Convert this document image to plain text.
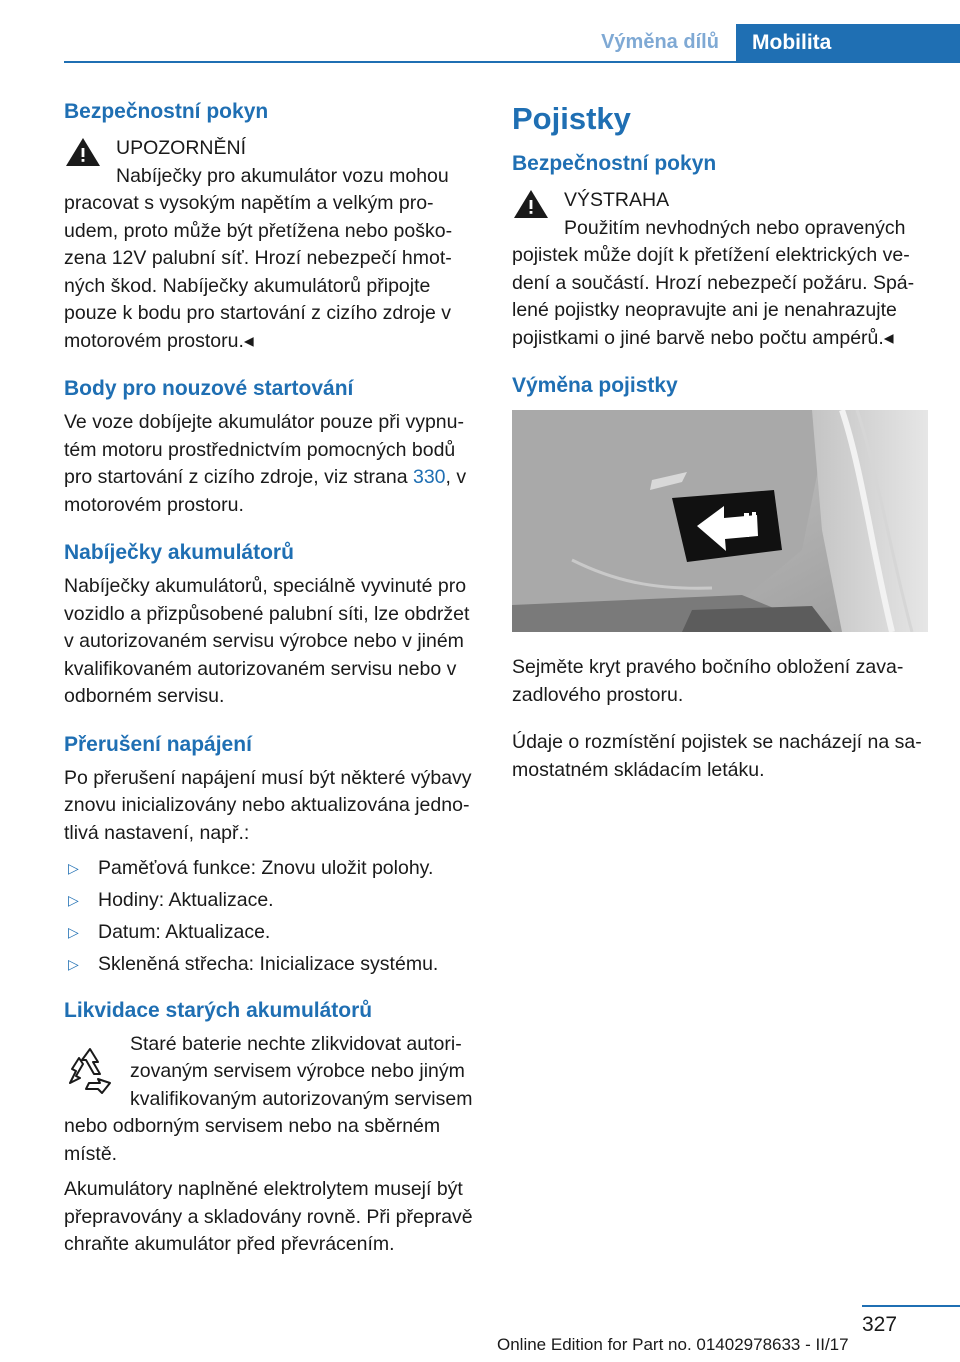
Výměna dílů	Mobilita
Bezpečnostní pokyn
UPOZORNĚNÍ
Nabíječky pro akumulátor vozu mohou pracovat s vysokým napětím a velkým proudem, proto může být přetížena nebo poškozena 12V palubní síť. Hrozí nebezpečí hmotných škod. Nabíječky akumulátorů připojte pouze k bodu pro startování z cizího zdroje v motorovém prostoru.◂
Body pro nouzové startování

Ve voze dobíjejte akumulátor pouze při vypnutém motoru prostřednictvím pomocných bodů pro startování z cizího zdroje, viz strana 330, v motorovém prostoru.

Nabíječky akumulátorů

Nabíječky akumulátorů, speciálně vyvinuté pro vozidlo a přizpůsobené palubní síti, lze obdržet v autorizovaném servisu výrobce nebo v jiném kvalifikovaném autorizovaném servisu nebo v odborném servisu.

Přerušení napájení

Po přerušení napájení musí být některé výbavy znovu inicializovány nebo aktualizována jednotlivá nastavení, např.:

▷ Paměťová funkce: Znovu uložit polohy.
▷ Hodiny: Aktualizace.
▷ Datum: Aktualizace.
▷ Skleněná střecha: Inicializace systému.
Likvidace starých akumulátorů

Staré baterie nechte zlikvidovat autorizovaným servisem výrobce nebo jiným kvalifikovaným autorizovaným servisem nebo odborným servisem nebo na sběrném místě.

Akumulátory naplněné elektrolytem musejí být přepravovány a skladovány rovně. Při přepravě chraňte akumulátor před převrácením.

Pojistky
Bezpečnostní pokyn
VÝSTRAHA
Použitím nevhodných nebo opravených pojistek může dojít k přetížení elektrických vedení a součástí. Hrozí nebezpečí požáru. Spálené pojistky neopravujte ani je nenahrazujte pojistkami o jiné barvě nebo počtu ampérů.◂
Výměna pojistky

Sejměte kryt pravého bočního obložení zavazadlového prostoru.

Údaje o rozmístění pojistek se nacházejí na samostatném skládacím letáku.

327
Online Edition for Part no. 01402978633 - II/17
